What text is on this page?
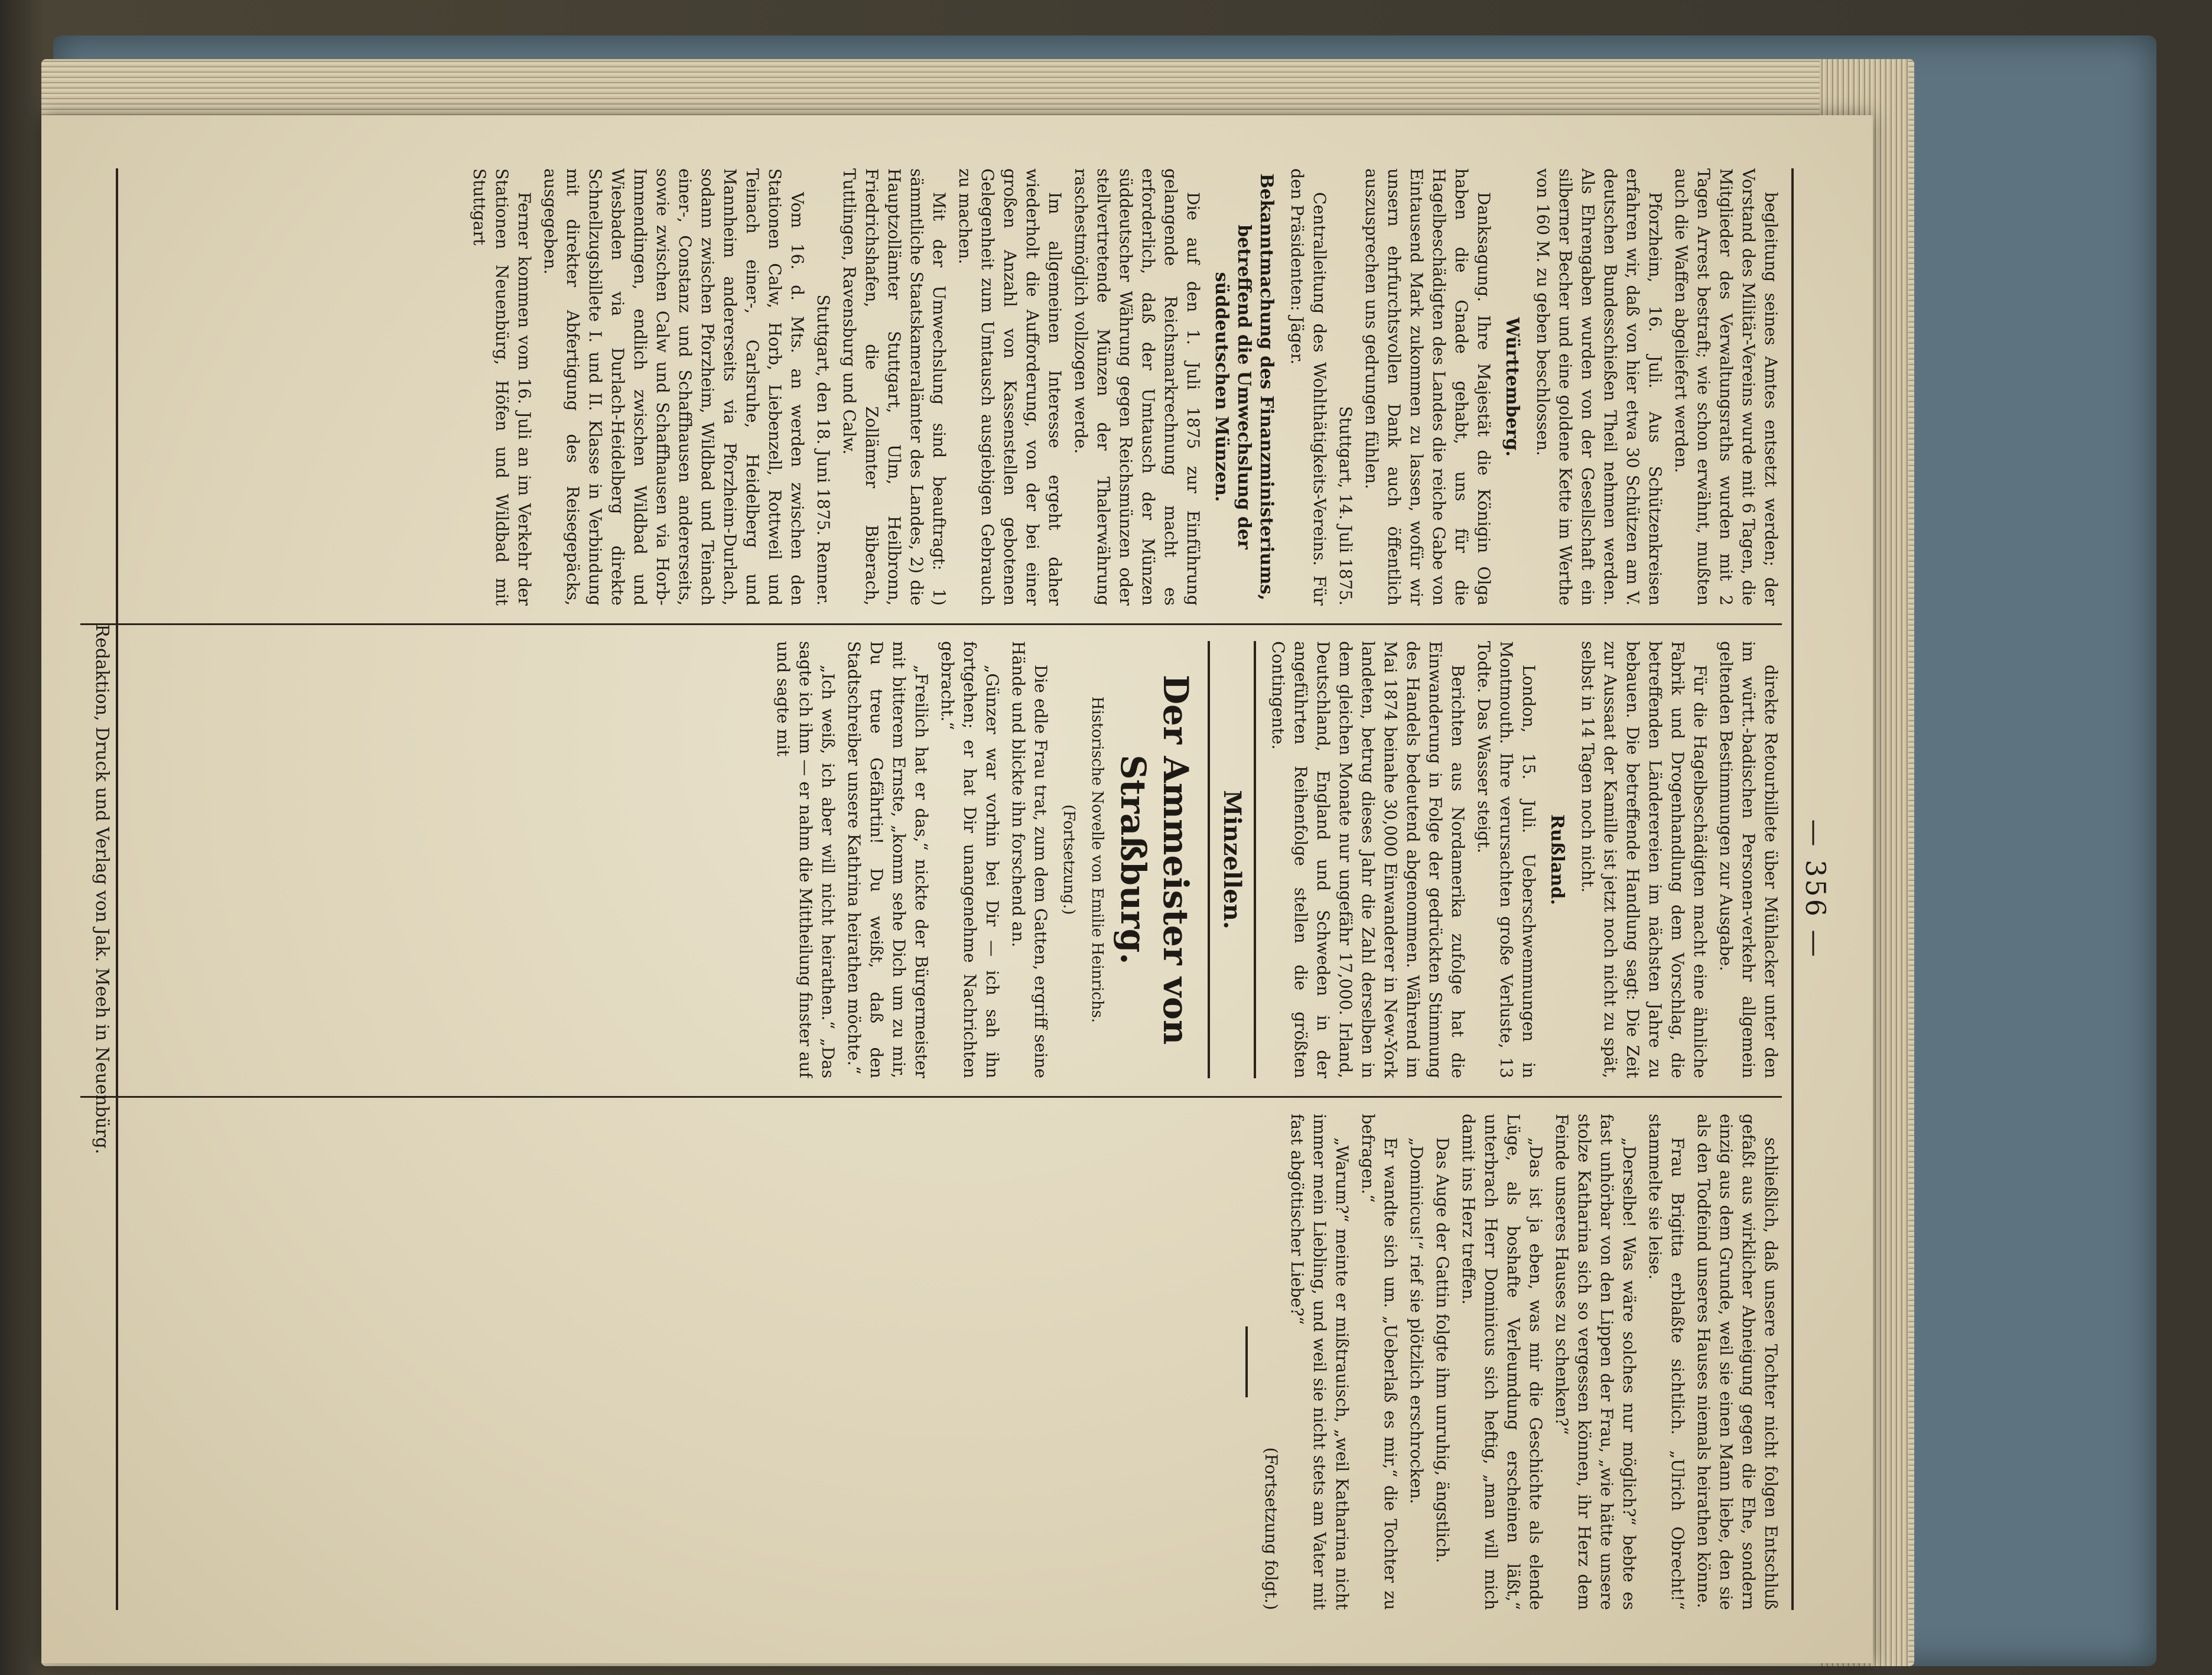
— 356 —

begleitung seines Amtes entsetzt werden; der Vorstand des Militär-Vereins wurde mit 6 Tagen, die Mitglieder des Verwaltungsraths wurden mit 2 Tagen Arrest bestraft; wie schon erwähnt, mußten auch die Waffen abgeliefert werden.

Pforzheim, 16. Juli. Aus Schützenkreisen erfahren wir, daß von hier etwa 30 Schützen am V. deutschen Bundesschießen Theil nehmen werden. Als Ehrengaben wurden von der Gesellschaft ein silberner Becher und eine goldene Kette im Werthe von 160 M. zu geben beschlossen.

Württemberg.

Danksagung. Ihre Majestät die Königin Olga haben die Gnade gehabt, uns für die Hagelbeschädigten des Landes die reiche Gabe von Eintausend Mark zukommen zu lassen, wofür wir unsern ehrfurchtsvollen Dank auch öffentlich auszusprechen uns gedrungen fühlen.

Stuttgart, 14. Juli 1875.

Centralleitung des Wohlthätigkeits-Vereins. Für den Präsidenten: Jäger.

Bekanntmachung des Finanzministeriums, betreffend die Umwechslung der süddeutschen Münzen.

Die auf den 1. Juli 1875 zur Einführung gelangende Reichsmarkrechnung macht es erforderlich, daß der Umtausch der Münzen süddeutscher Währung gegen Reichsmünzen oder stellvertretende Münzen der Thalerwährung raschestmöglich vollzogen werde.

Im allgemeinen Interesse ergeht daher wiederholt die Aufforderung, von der bei einer großen Anzahl von Kassenstellen gebotenen Gelegenheit zum Umtausch ausgiebigen Gebrauch zu machen.

Mit der Umwechslung sind beauftragt: 1) sämmtliche Staatskameralämter des Landes, 2) die Hauptzollämter Stuttgart, Ulm, Heilbronn, Friedrichshafen, die Zollämter Biberach, Tuttlingen, Ravensburg und Calw.

Stuttgart, den 18. Juni 1875. Renner.

Vom 16. d. Mts. an werden zwischen den Stationen Calw, Horb, Liebenzell, Rottweil und Teinach einer-, Carlsruhe, Heidelberg und Mannheim andererseits via Pforzheim-Durlach, sodann zwischen Pforzheim, Wildbad und Teinach einer-, Constanz und Schaffhausen andererseits, sowie zwischen Calw und Schaffhausen via Horb-Immendingen, endlich zwischen Wildbad und Wiesbaden via Durlach-Heidelberg direkte Schnellzugsbillete I. und II. Klasse in Verbindung mit direkter Abfertigung des Reisegepäcks, ausgegeben.

Ferner kommen vom 16. Juli an im Verkehr der Stationen Neuenbürg, Höfen und Wildbad mit Stuttgart

direkte Retourbillete über Mühlacker unter den im württ.-badischen Personen-verkehr allgemein geltenden Bestimmungen zur Ausgabe.

Für die Hagelbeschädigten macht eine ähnliche Fabrik und Drogenhandlung dem Vorschlag, die betreffenden Länderereien im nächsten Jahre zu bebauen. Die betreffende Handlung sagt: Die Zeit zur Aussaat der Kamille ist jetzt noch nicht zu spät, selbst in 14 Tagen noch nicht.

Rußland.

London, 15. Juli. Ueberschwemmungen in Montmouth. Ihre verursachten große Verluste, 13 Todte. Das Wasser steigt.

Berichten aus Nordamerika zufolge hat die Einwanderung in Folge der gedrückten Stimmung des Handels bedeutend abgenommen. Während im Mai 1874 beinahe 30,000 Einwanderer in New-York landeten, betrug dieses Jahr die Zahl derselben in dem gleichen Monate nur ungefähr 17,000. Irland, Deutschland, England und Schweden in der angeführten Reihenfolge stellen die größten Contingente.

Minzellen.
Der Ammeister von Straßburg.
Historische Novelle von Emilie Heinrichs.
(Fortsetzung.)

Die edle Frau trat, zum dem Gatten, ergriff seine Hände und blickte ihn forschend an.

„Günzer war vorhin bei Dir — ich sah ihn fortgehen; er hat Dir unangenehme Nachrichten gebracht.“

„Freilich hat er das,“ nickte der Bürgermeister mit bitterem Ernste, „komm sehe Dich um zu mir, Du treue Gefährtin! Du weißt, daß den Stadtschreiber unsere Kathrina heirathen möchte.“

„Ich weiß, ich aber will nicht heirathen.“ „Das sagte ich ihm — er nahm die Mittheilung finster auf und sagte mit

schließlich, daß unsere Tochter nicht folgen Entschluß gefaßt aus wirklicher Abneigung gegen die Ehe, sondern einzig aus dem Grunde, weil sie einen Mann liebe, den sie als den Todfeind unseres Hauses niemals heirathen könne.

Frau Brigitta erblaßte sichtlich. „Ulrich Obrecht!“ stammelte sie leise.

„Derselbe! Was wäre solches nur möglich?“ bebte es fast unhörbar von den Lippen der Frau, „wie hätte unsere stolze Katharina sich so vergessen können, ihr Herz dem Feinde unseres Hauses zu schenken?“

„Das ist ja eben, was mir die Geschichte als elende Lüge, als boshafte Verleumdung erscheinen läßt,“ unterbrach Herr Dominicus sich heftig, „man will mich damit ins Herz treffen.

Das Auge der Gattin folgte ihm unruhig, ängstlich.

„Dominicus!“ rief sie plötzlich erschrocken.

Er wandte sich um. „Ueberlaß es mir,“ die Tochter zu befragen.“

„Warum?“ meinte er mißtrauisch, „weil Katharina nicht immer mein Liebling, und weil sie nicht stets am Vater mit fast abgöttischer Liebe?“

(Fortsetzung folgt.)

Redaktion, Druck und Verlag von Jak. Meeh in Neuenbürg.
